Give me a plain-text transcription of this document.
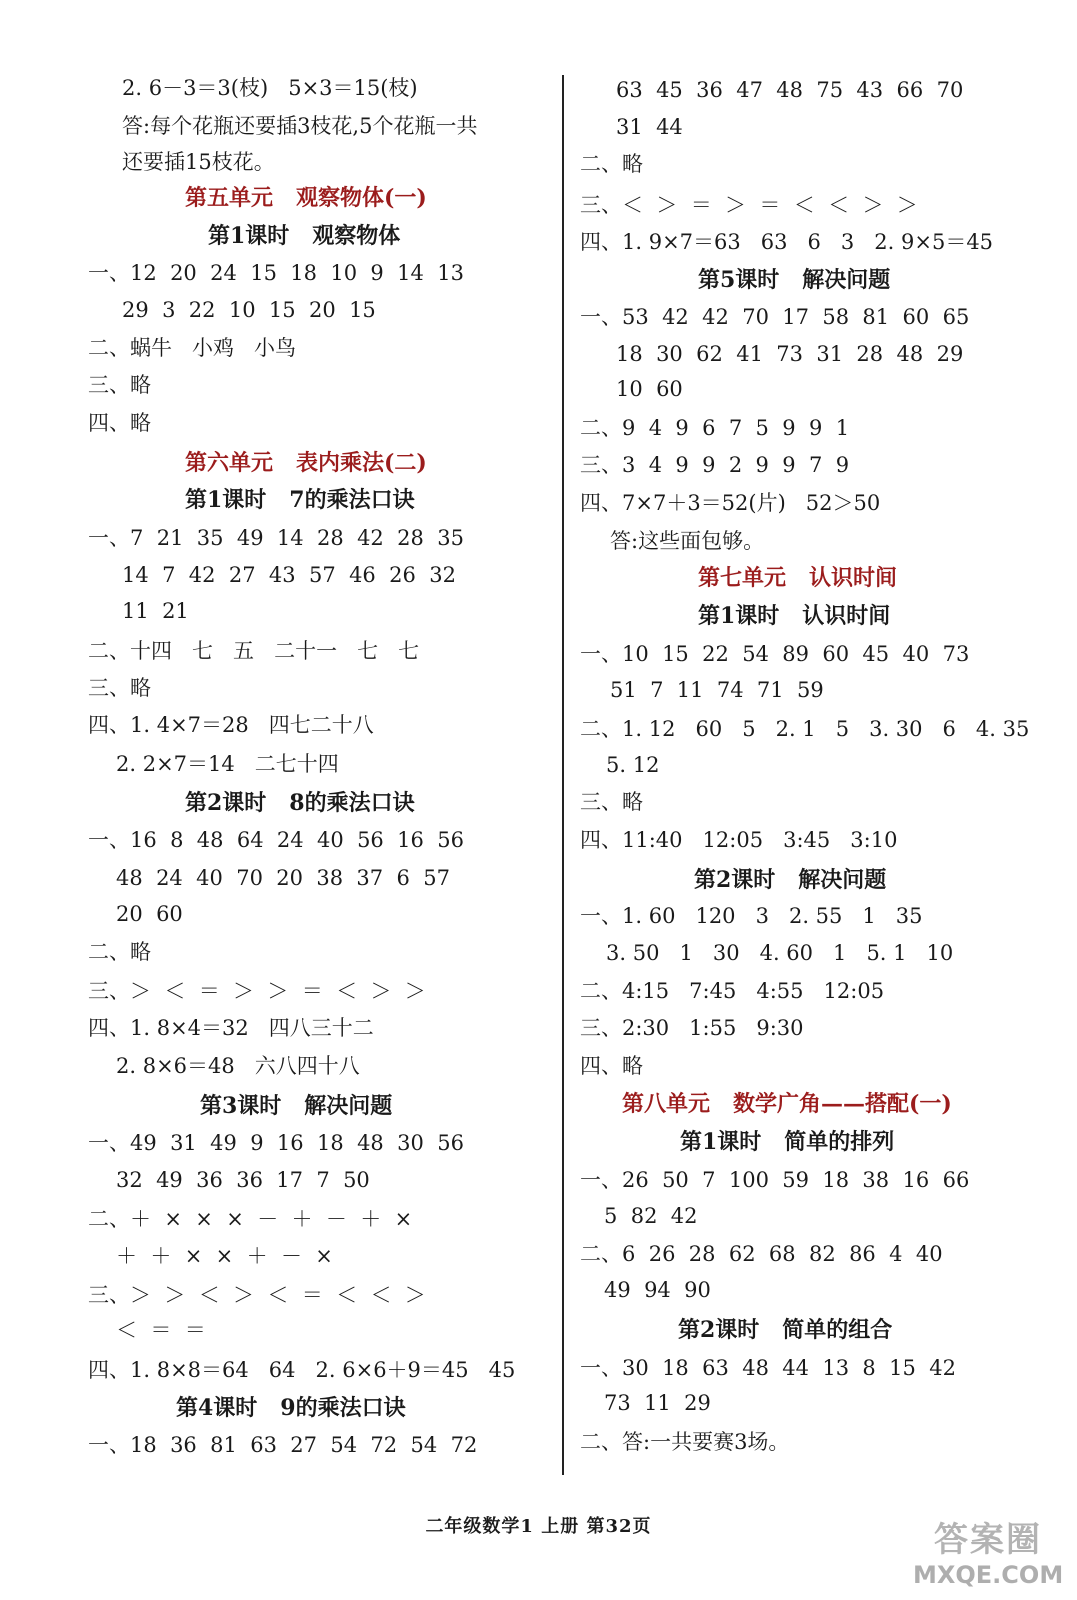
2. 6－3＝3(枝)   5×3＝15(枝)
答:每个花瓶还要插3枝花,5个花瓶一共
还要插15枝花。
第五单元   观察物体(一)
第1课时   观察物体
一、12  20  24  15  18  10  9  14  13
29  3  22  10  15  20  15
二、蜗牛   小鸡   小鸟
三、略
四、略
第六单元   表内乘法(二)
第1课时   7的乘法口诀
一、7  21  35  49  14  28  42  28  35
14  7  42  27  43  57  46  26  32
11  21
二、十四   七   五   二十一   七   七
三、略
四、1. 4×7＝28   四七二十八
2. 2×7＝14   二七十四
第2课时   8的乘法口诀
一、16  8  48  64  24  40  56  16  56
48  24  40  70  20  38  37  6  57
20  60
二、略
三、＞  ＜  ＝  ＞  ＞  ＝  ＜  ＞  ＞
四、1. 8×4＝32   四八三十二
2. 8×6＝48   六八四十八
第3课时   解决问题
一、49  31  49  9  16  18  48  30  56
32  49  36  36  17  7  50
二、＋  ×  ×  ×  －  ＋  －  ＋  ×
＋  ＋  ×  ×  ＋  －  ×
三、＞  ＞  ＜  ＞  ＜  ＝  ＜  ＜  ＞
＜  ＝  ＝
四、1. 8×8＝64   64   2. 6×6＋9＝45   45
第4课时   9的乘法口诀
一、18  36  81  63  27  54  72  54  72
63  45  36  47  48  75  43  66  70
31  44
二、略
三、＜  ＞  ＝  ＞  ＝  ＜  ＜  ＞  ＞
四、1. 9×7＝63   63   6   3   2. 9×5＝45
第5课时   解决问题
一、53  42  42  70  17  58  81  60  65
18  30  62  41  73  31  28  48  29
10  60
二、9  4  9  6  7  5  9  9  1
三、3  4  9  9  2  9  9  7  9
四、7×7＋3＝52(片)   52＞50
答:这些面包够。
第七单元   认识时间
第1课时   认识时间
一、10  15  22  54  89  60  45  40  73
51  7  11  74  71  59
二、1. 12   60   5   2. 1   5   3. 30   6   4. 35
5. 12
三、略
四、11:40   12:05   3:45   3:10
第2课时   解决问题
一、1. 60   120   3   2. 55   1   35
3. 50   1   30   4. 60   1   5. 1   10
二、4:15   7:45   4:55   12:05
三、2:30   1:55   9:30
四、略
第八单元   数学广角——搭配(一)
第1课时   简单的排列
一、26  50  7  100  59  18  38  16  66
5  82  42
二、6  26  28  62  68  82  86  4  40
49  94  90
第2课时   简单的组合
一、30  18  63  48  44  13  8  15  42
73  11  29
二、答:一共要赛3场。
二年级数学1 上册 第32页	答案圈
MXQE.COM
